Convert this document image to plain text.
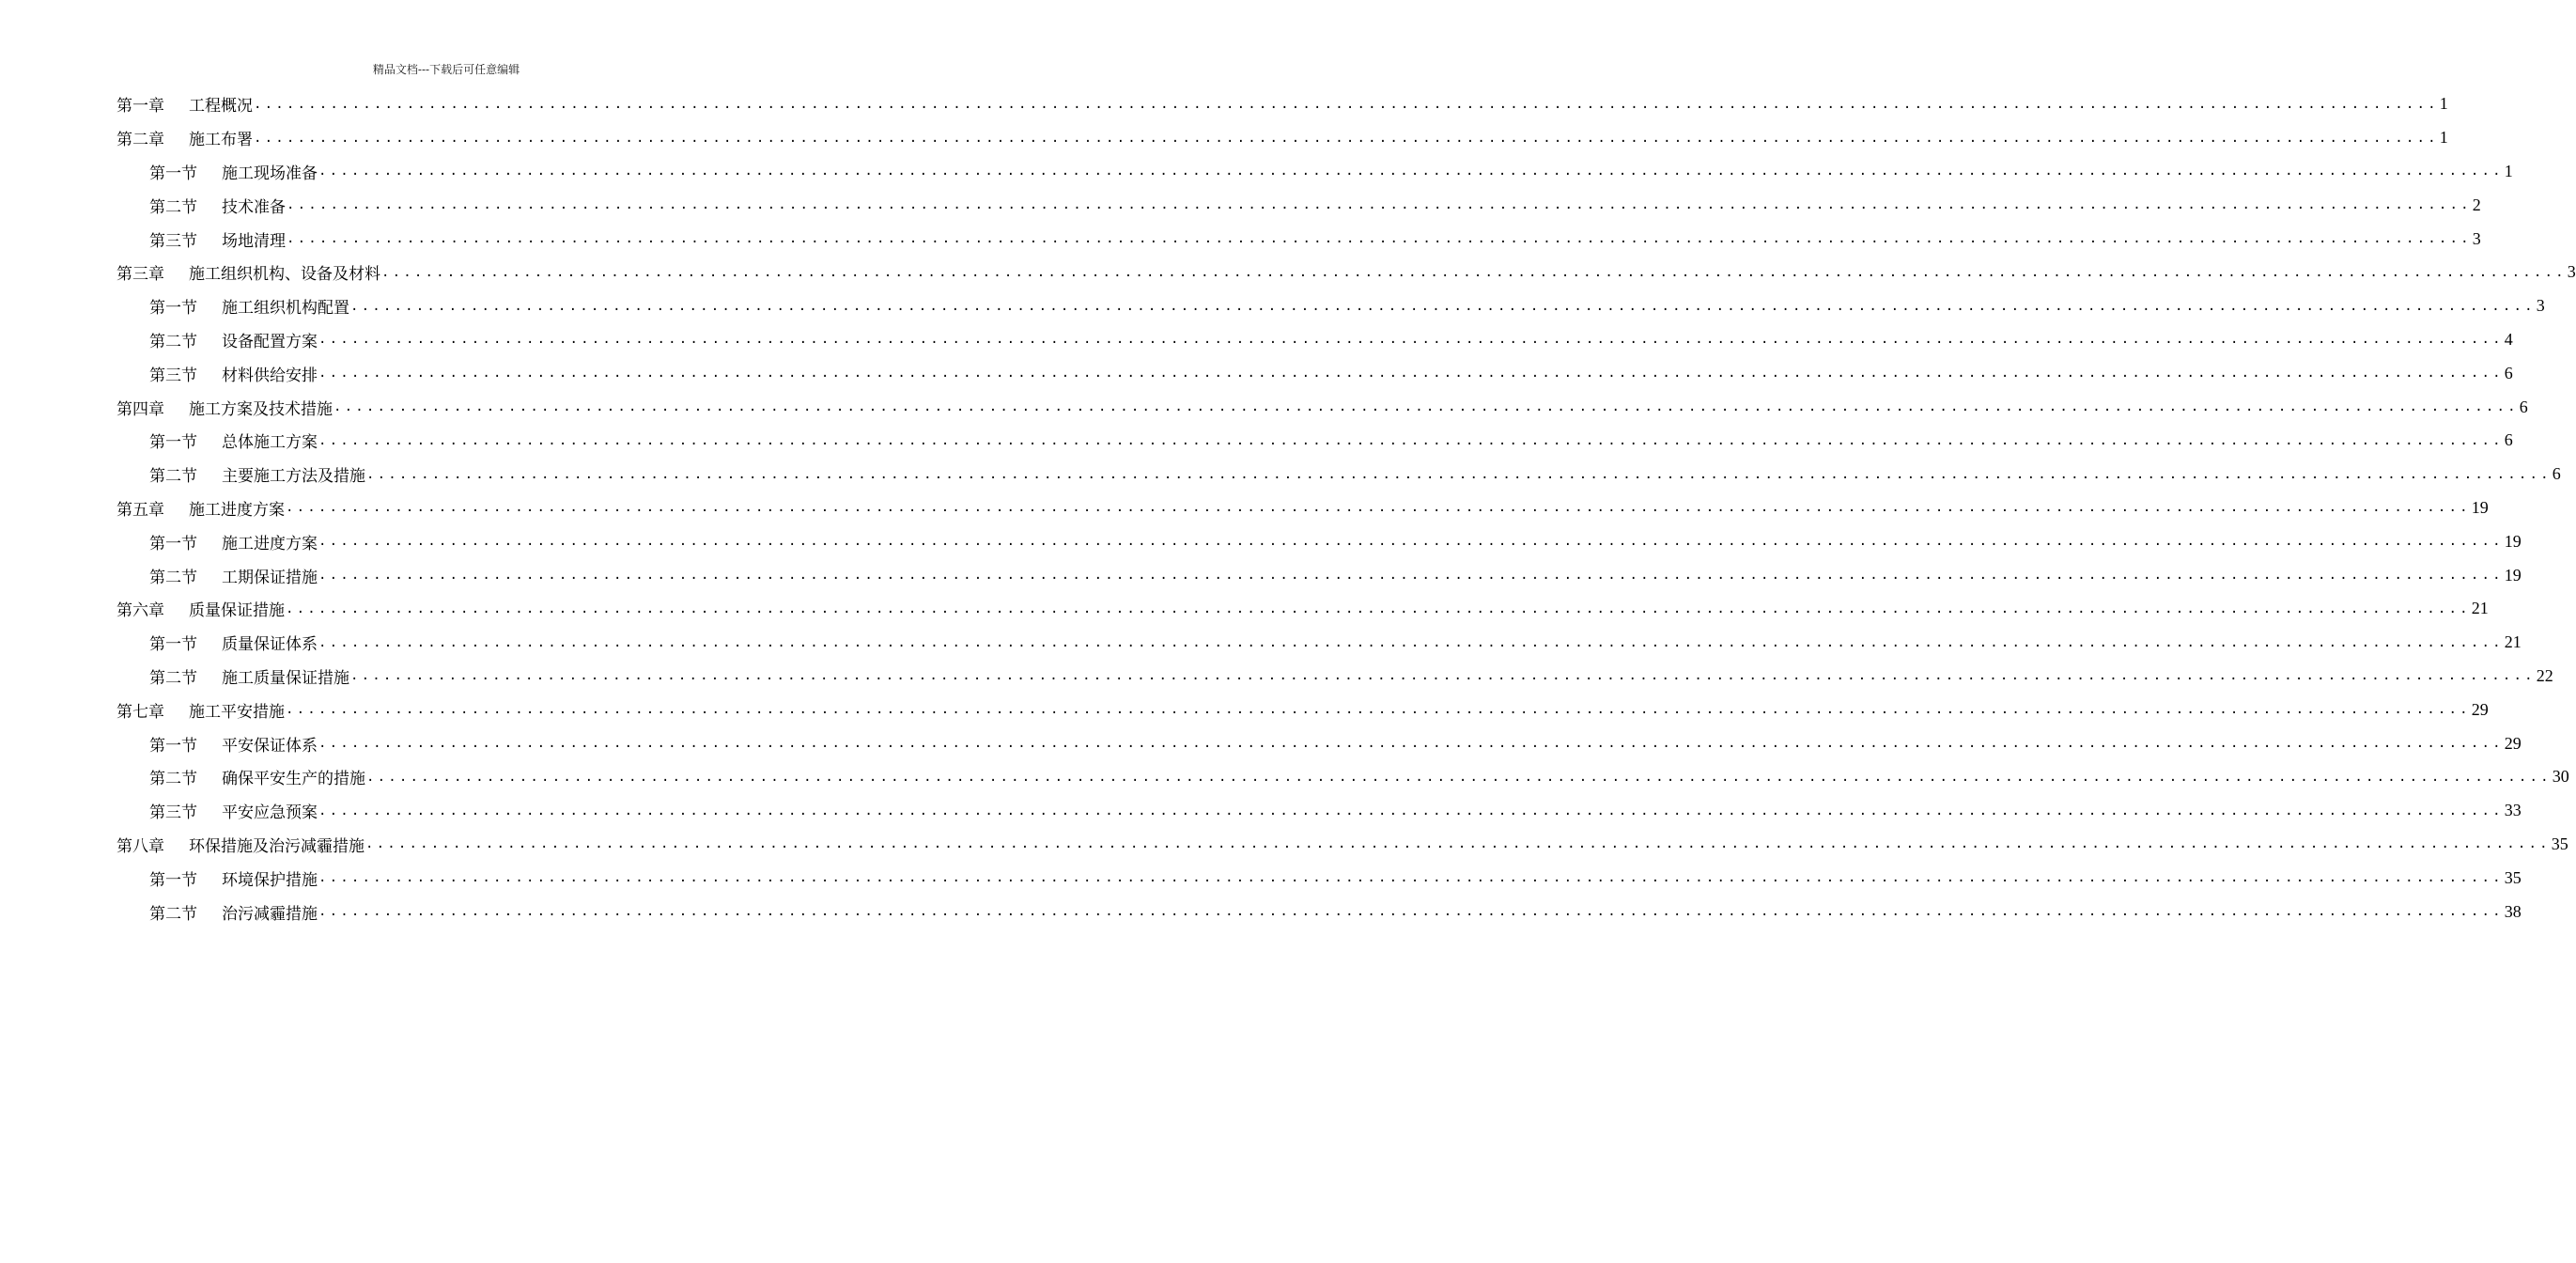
精品文档---下载后可任意编辑
第一章 工程概况 ........................................................................................................................................................................................................ 1
第二章 施工布署 ........................................................................................................................................................................................................ 1
第一节 施工现场准备 ........................................................................................................................................................................................................ 1
第二节 技术准备 ........................................................................................................................................................................................................ 2
第三节 场地清理 ........................................................................................................................................................................................................ 3
第三章 施工组织机构、设备及材料 ........................................................................................................................................................................................................ 3
第一节 施工组织机构配置 ........................................................................................................................................................................................................ 3
第二节 设备配置方案 ........................................................................................................................................................................................................ 4
第三节 材料供给安排 ........................................................................................................................................................................................................ 6
第四章 施工方案及技术措施 ........................................................................................................................................................................................................ 6
第一节 总体施工方案 ........................................................................................................................................................................................................ 6
第二节 主要施工方法及措施 ........................................................................................................................................................................................................ 6
第五章 施工进度方案 ........................................................................................................................................................................................................ 19
第一节 施工进度方案 ........................................................................................................................................................................................................ 19
第二节 工期保证措施 ........................................................................................................................................................................................................ 19
第六章 质量保证措施 ........................................................................................................................................................................................................ 21
第一节 质量保证体系 ........................................................................................................................................................................................................ 21
第二节 施工质量保证措施 ........................................................................................................................................................................................................ 22
第七章 施工平安措施 ........................................................................................................................................................................................................ 29
第一节 平安保证体系 ........................................................................................................................................................................................................ 29
第二节 确保平安生产的措施 ........................................................................................................................................................................................................ 30
第三节 平安应急预案 ........................................................................................................................................................................................................ 33
第八章 环保措施及治污减霾措施 ........................................................................................................................................................................................................ 35
第一节 环境保护措施 ........................................................................................................................................................................................................ 35
第二节 治污减霾措施 ........................................................................................................................................................................................................ 38
